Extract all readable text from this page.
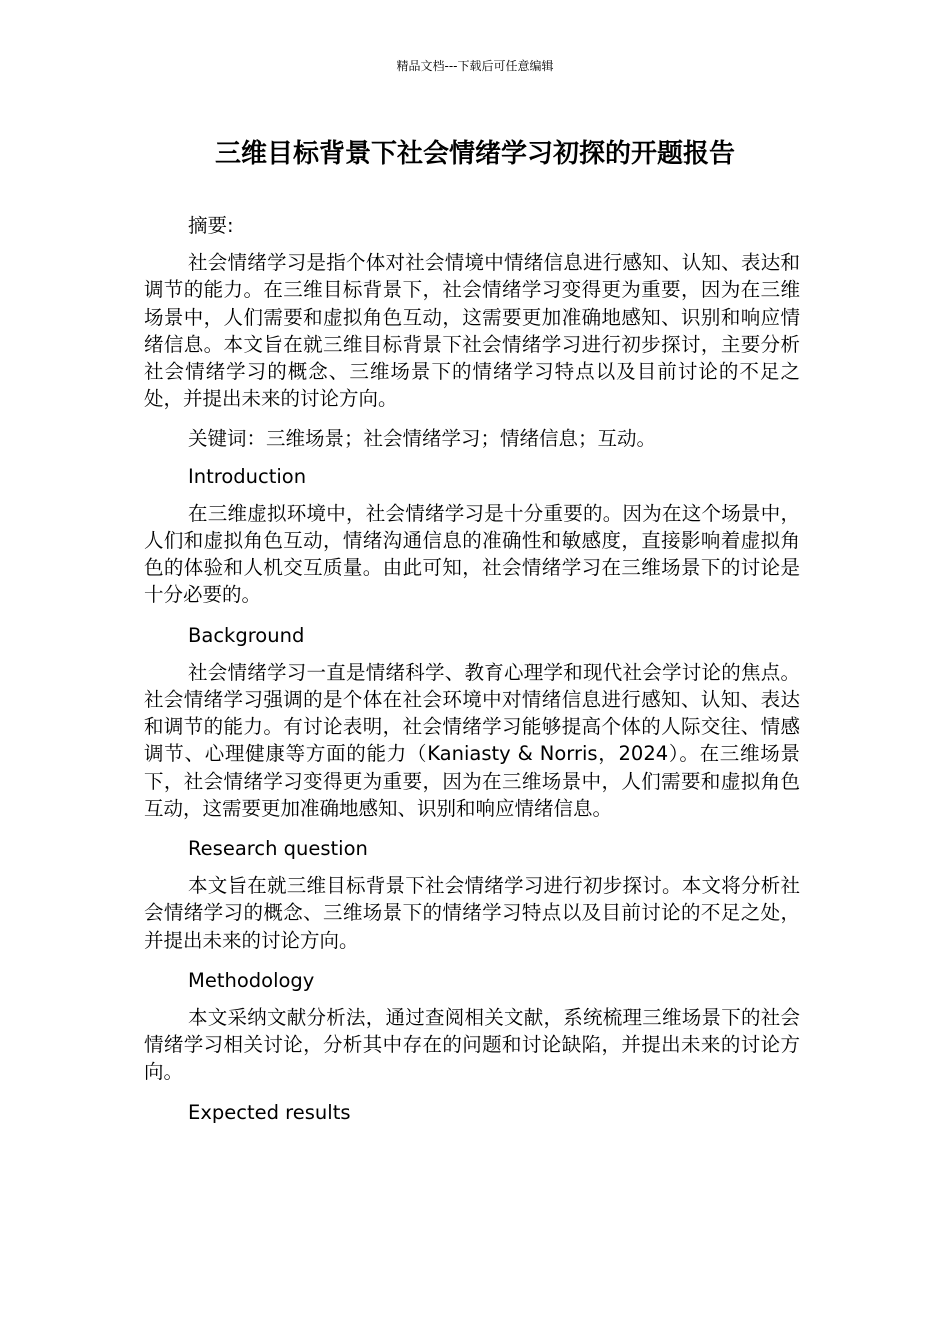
精品文档---下载后可任意编辑
三维目标背景下社会情绪学习初探的开题报告

摘要:

社会情绪学习是指个体对社会情境中情绪信息进行感知、认知、表达和调节的能力。在三维目标背景下，社会情绪学习变得更为重要，因为在三维场景中，人们需要和虚拟角色互动，这需要更加准确地感知、识别和响应情绪信息。本文旨在就三维目标背景下社会情绪学习进行初步探讨，主要分析社会情绪学习的概念、三维场景下的情绪学习特点以及目前讨论的不足之处，并提出未来的讨论方向。

关键词：三维场景；社会情绪学习；情绪信息；互动。

Introduction

在三维虚拟环境中，社会情绪学习是十分重要的。因为在这个场景中，人们和虚拟角色互动，情绪沟通信息的准确性和敏感度，直接影响着虚拟角色的体验和人机交互质量。由此可知，社会情绪学习在三维场景下的讨论是十分必要的。

Background

社会情绪学习一直是情绪科学、教育心理学和现代社会学讨论的焦点。社会情绪学习强调的是个体在社会环境中对情绪信息进行感知、认知、表达和调节的能力。有讨论表明，社会情绪学习能够提高个体的人际交往、情感调节、心理健康等方面的能力（Kaniasty & Norris，2024）。在三维场景下，社会情绪学习变得更为重要，因为在三维场景中，人们需要和虚拟角色互动，这需要更加准确地感知、识别和响应情绪信息。

Research question

本文旨在就三维目标背景下社会情绪学习进行初步探讨。本文将分析社会情绪学习的概念、三维场景下的情绪学习特点以及目前讨论的不足之处，并提出未来的讨论方向。

Methodology

本文采纳文献分析法，通过查阅相关文献，系统梳理三维场景下的社会情绪学习相关讨论，分析其中存在的问题和讨论缺陷，并提出未来的讨论方向。

Expected results
